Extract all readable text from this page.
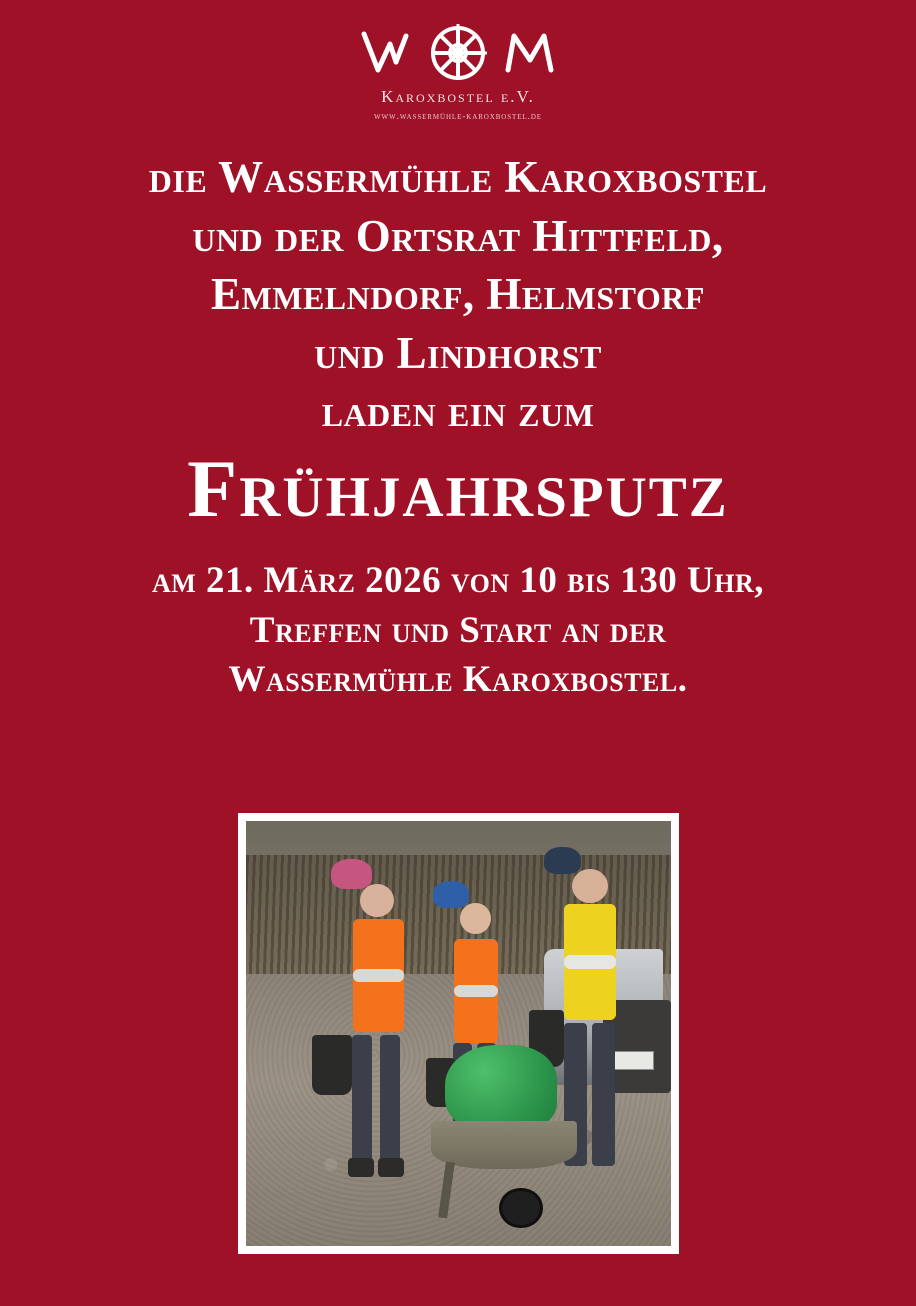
Karoxbostel e.V.
www.wassermühle-karoxbostel.de
die Wassermühle Karoxbostel
und der Ortsrat Hittfeld,
Emmelndorf, Helmstorf
und Lindhorst
laden ein zum
Frühjahrsputz
am 21. März 2026 von 10 bis 130 Uhr,
Treffen und Start an der
Wassermühle Karoxbostel.
